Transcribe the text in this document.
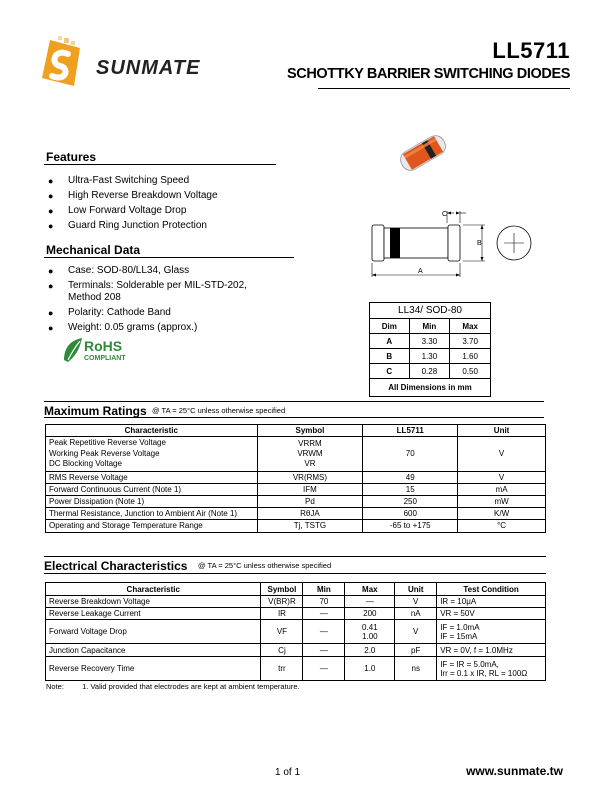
SUNMATE
LL5711
SCHOTTKY BARRIER SWITCHING DIODES
Features
● Ultra-Fast Switching Speed
● High Reverse Breakdown Voltage
● Low Forward Voltage Drop
● Guard Ring Junction Protection
Mechanical Data
● Case: SOD-80/LL34, Glass
● Terminals: Solderable per MIL-STD-202, Method 208
● Polarity: Cathode Band
● Weight: 0.05 grams (approx.)
RoHS
COMPLIANT
C
B
A
LL34/ SOD-80		
Dim	Min	Max
A	3.30	3.70
B	1.30	1.60
C	0.28	0.50
All Dimensions in mm		
Maximum Ratings @ TA = 25°C unless otherwise specified
Characteristic	Symbol	LL5711	Unit
Peak Repetitive Reverse Voltage
Working Peak Reverse Voltage
DC Blocking Voltage	VRRM VRWM VR	70	V
RMS Reverse Voltage	VR(RMS)	49	V
Forward Continuous Current (Note 1)	IFM	15	mA
Power Dissipation (Note 1)	Pd	250	mW
Thermal Resistance, Junction to Ambient Air (Note 1)	RθJA	600	K/W
Operating and Storage Temperature Range	Tj, TSTG	-65 to +175	°C
Electrical Characteristics @ TA = 25°C unless otherwise specified
Characteristic	Symbol	Min	Max	Unit	Test Condition
Reverse Breakdown Voltage	V(BR)R	70	—	V	IR = 10μA
Reverse Leakage Current	IR	—	200	nA	VR = 50V
Forward Voltage Drop	VF	—	0.41
1.00	V	IF = 1.0mA
IF = 15mA
Junction Capacitance	Cj	—	2.0	pF	VR = 0V, f = 1.0MHz
Reverse Recovery Time	trr	—	1.0	ns	IF = IR = 5.0mA,
Irr = 0.1 x IR, RL = 100Ω
Note: 1. Valid provided that electrodes are kept at ambient temperature.
1 of 1	www.sunmate.tw
